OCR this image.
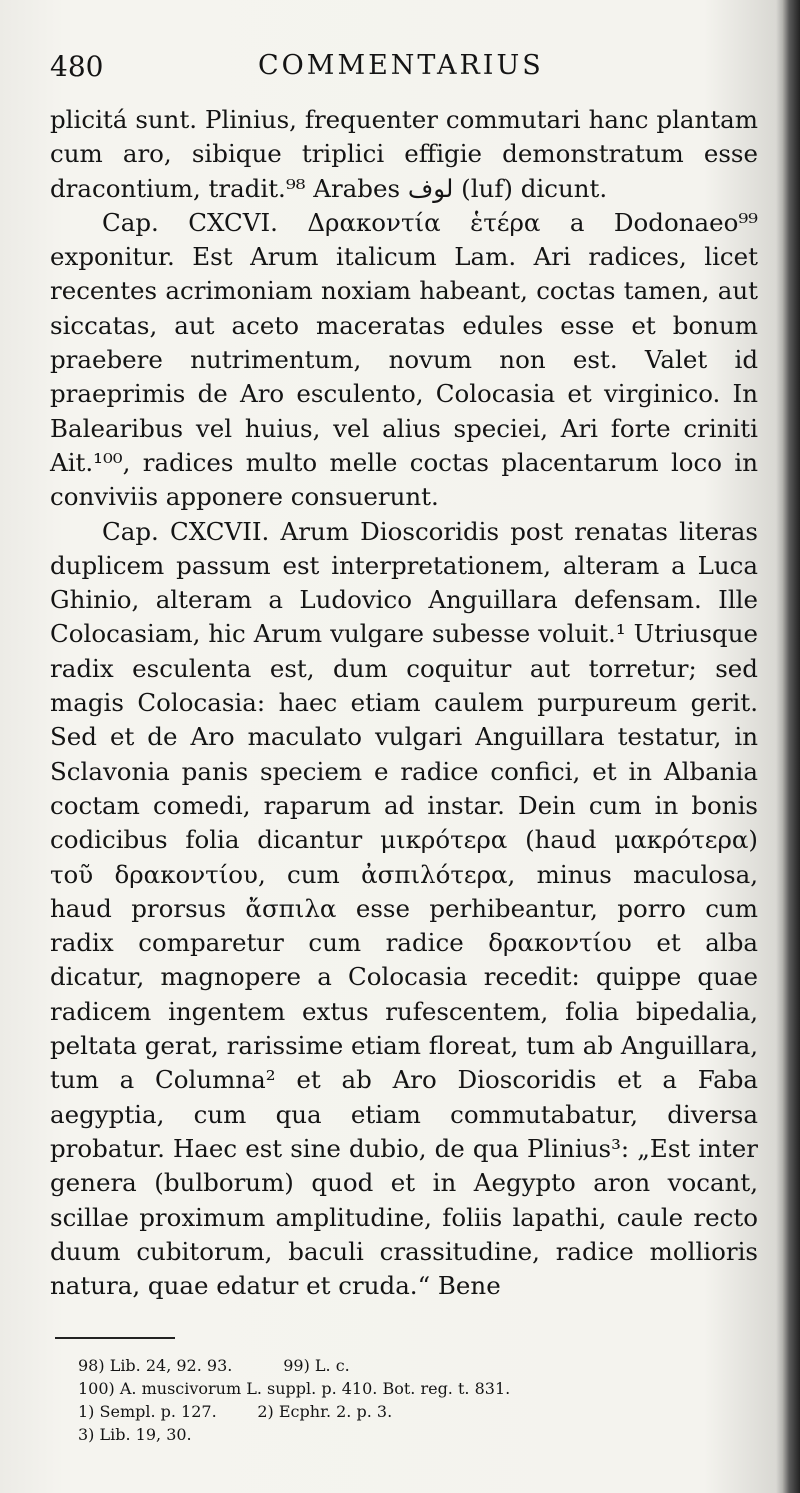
480	COMMENTARIUS

plicitá sunt. Plinius, frequenter commutari hanc plantam cum aro, sibique triplici effigie demonstratum esse dracontium, tradit.⁹⁸ Arabes لوف (luf) dicunt.

Cap. CXCVI. Δρακοντία ἑτέρα a Dodonaeo⁹⁹ exponitur. Est Arum italicum Lam. Ari radices, licet recentes acrimoniam noxiam habeant, coctas tamen, aut siccatas, aut aceto maceratas edules esse et bonum praebere nutrimentum, novum non est. Valet id praeprimis de Aro esculento, Colocasia et virginico. In Balearibus vel huius, vel alius speciei, Ari forte criniti Ait.¹⁰⁰, radices multo melle coctas placentarum loco in conviviis apponere consuerunt.

Cap. CXCVII. Arum Dioscoridis post renatas literas duplicem passum est interpretationem, alteram a Luca Ghinio, alteram a Ludovico Anguillara defensam. Ille Colocasiam, hic Arum vulgare subesse voluit.¹ Utriusque radix esculenta est, dum coquitur aut torretur; sed magis Colocasia: haec etiam caulem purpureum gerit. Sed et de Aro maculato vulgari Anguillara testatur, in Sclavonia panis speciem e radice confici, et in Albania coctam comedi, raparum ad instar. Dein cum in bonis codicibus folia dicantur μικρότερα (haud μακρότερα) τοῦ δρακοντίου, cum ἀσπιλότερα, minus maculosa, haud prorsus ἄσπιλα esse perhibeantur, porro cum radix comparetur cum radice δρακοντίου et alba dicatur, magnopere a Colocasia recedit: quippe quae radicem ingentem extus rufescentem, folia bipedalia, peltata gerat, rarissime etiam floreat, tum ab Anguillara, tum a Columna² et ab Aro Dioscoridis et a Faba aegyptia, cum qua etiam commutabatur, diversa probatur. Haec est sine dubio, de qua Plinius³: „Est inter genera (bulborum) quod et in Aegypto aron vocant, scillae proximum amplitudine, foliis lapathi, caule recto duum cubitorum, baculi crassitudine, radice mollioris natura, quae edatur et cruda.“ Bene

98) Lib. 24, 92. 93.          99) L. c.
100) A. muscivorum L. suppl. p. 410. Bot. reg. t. 831.
1) Sempl. p. 127.        2) Ecphr. 2. p. 3.
3) Lib. 19, 30.
